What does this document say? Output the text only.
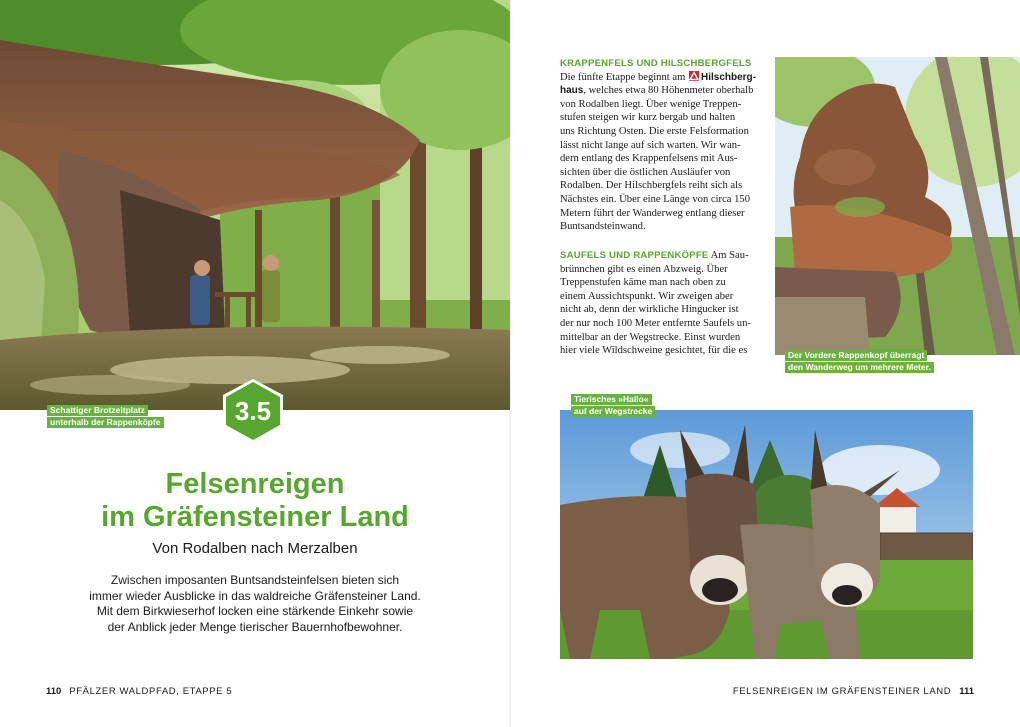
Schattiger Brotzeitplatz
unterhalb der Rappenköpfe	3.5
Felsenreigen
im Gräfensteiner Land
Von Rodalben nach Merzalben
Zwischen imposanten Buntsandsteinfelsen bieten sich
immer wieder Ausblicke in das waldreiche Gräfensteiner Land.
Mit dem Birkwieserhof locken eine stärkende Einkehr sowie
der Anblick jeder Menge tierischer Bauernhofbewohner.
110 PFÄLZER WALDPFAD, ETAPPE 5
KRAPPENFELS UND HILSCHBERGFELS
Die fünfte Etappe beginnt am Hilschberg-
haus, welches etwa 80 Höhenmeter oberhalb
von Rodalben liegt. Über wenige Treppen-
stufen steigen wir kurz bergab und halten
uns Richtung Osten. Die erste Felsformation
lässt nicht lange auf sich warten. Wir wan-
dern entlang des Krappenfelsens mit Aus-
sichten über die östlichen Ausläufer von
Rodalben. Der Hilschbergfels reiht sich als
Nächstes ein. Über eine Länge von circa 150
Metern führt der Wanderweg entlang dieser
Buntsandsteinwand.
SAUFELS UND RAPPENKÖPFE Am Sau-
brünnchen gibt es einen Abzweig. Über
Treppenstufen käme man nach oben zu
einem Aussichtspunkt. Wir zweigen aber
nicht ab, denn der wirkliche Hingucker ist
der nur noch 100 Meter entfernte Saufels un-
mittelbar an der Wegstrecke. Einst wurden
hier viele Wildschweine gesichtet, für die es	Der Vordere Rappenkopf überragt
den Wanderweg um mehrere Meter.
Tierisches »Hallo«
auf der Wegstrecke
FELSENREIGEN IM GRÄFENSTEINER LAND 111
